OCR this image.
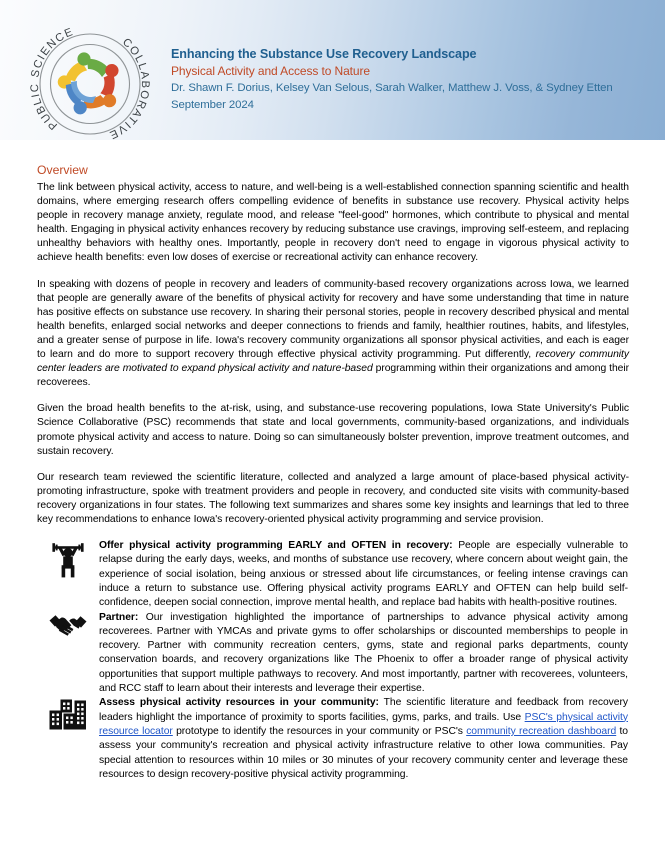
PUBLIC SCIENCE
COLLABORATIVE
Enhancing the Substance Use Recovery Landscape
Physical Activity and Access to Nature
Dr. Shawn F. Dorius, Kelsey Van Selous, Sarah Walker, Matthew J. Voss, & Sydney Etten
September 2024
Overview

The link between physical activity, access to nature, and well-being is a well-established connection spanning scientific and health domains, where emerging research offers compelling evidence of benefits in substance use recovery. Physical activity helps people in recovery manage anxiety, regulate mood, and release "feel-good" hormones, which contribute to physical and mental health. Engaging in physical activity enhances recovery by reducing substance use cravings, improving self-esteem, and replacing unhealthy behaviors with healthy ones. Importantly, people in recovery don't need to engage in vigorous physical activity to achieve health benefits: even low doses of exercise or recreational activity can enhance recovery.

In speaking with dozens of people in recovery and leaders of community-based recovery organizations across Iowa, we learned that people are generally aware of the benefits of physical activity for recovery and have some understanding that time in nature has positive effects on substance use recovery. In sharing their personal stories, people in recovery described physical and mental health benefits, enlarged social networks and deeper connections to friends and family, healthier routines, habits, and lifestyles, and a greater sense of purpose in life. Iowa's recovery community organizations all sponsor physical activities, and each is eager to learn and do more to support recovery through effective physical activity programming. Put differently, recovery community center leaders are motivated to expand physical activity and nature-based programming within their organizations and among their recoverees.

Given the broad health benefits to the at-risk, using, and substance-use recovering populations, Iowa State University's Public Science Collaborative (PSC) recommends that state and local governments, community-based organizations, and individuals promote physical activity and access to nature. Doing so can simultaneously bolster prevention, improve treatment outcomes, and sustain recovery.

Our research team reviewed the scientific literature, collected and analyzed a large amount of place-based physical activity-promoting infrastructure, spoke with treatment providers and people in recovery, and conducted site visits with community-based recovery organizations in four states. The following text summarizes and shares some key insights and learnings that led to three key recommendations to enhance Iowa's recovery-oriented physical activity programming and service provision.

Offer physical activity programming EARLY and OFTEN in recovery: People are especially vulnerable to relapse during the early days, weeks, and months of substance use recovery, where concern about weight gain, the experience of social isolation, being anxious or stressed about life circumstances, or feeling intense cravings can induce a return to substance use. Offering physical activity programs EARLY and OFTEN can help build self-confidence, deepen social connection, improve mental health, and replace bad habits with health-positive routines.
Partner: Our investigation highlighted the importance of partnerships to advance physical activity among recoverees. Partner with YMCAs and private gyms to offer scholarships or discounted memberships to people in recovery. Partner with community recreation centers, gyms, state and regional parks departments, county conservation boards, and recovery organizations like The Phoenix to offer a broader range of physical activity opportunities that support multiple pathways to recovery. And most importantly, partner with recoverees, volunteers, and RCC staff to learn about their interests and leverage their expertise.
Assess physical activity resources in your community: The scientific literature and feedback from recovery leaders highlight the importance of proximity to sports facilities, gyms, parks, and trails. Use PSC's physical activity resource locator prototype to identify the resources in your community or PSC's community recreation dashboard to assess your community's recreation and physical activity infrastructure relative to other Iowa communities. Pay special attention to resources within 10 miles or 30 minutes of your recovery community center and leverage these resources to design recovery-positive physical activity programming.
